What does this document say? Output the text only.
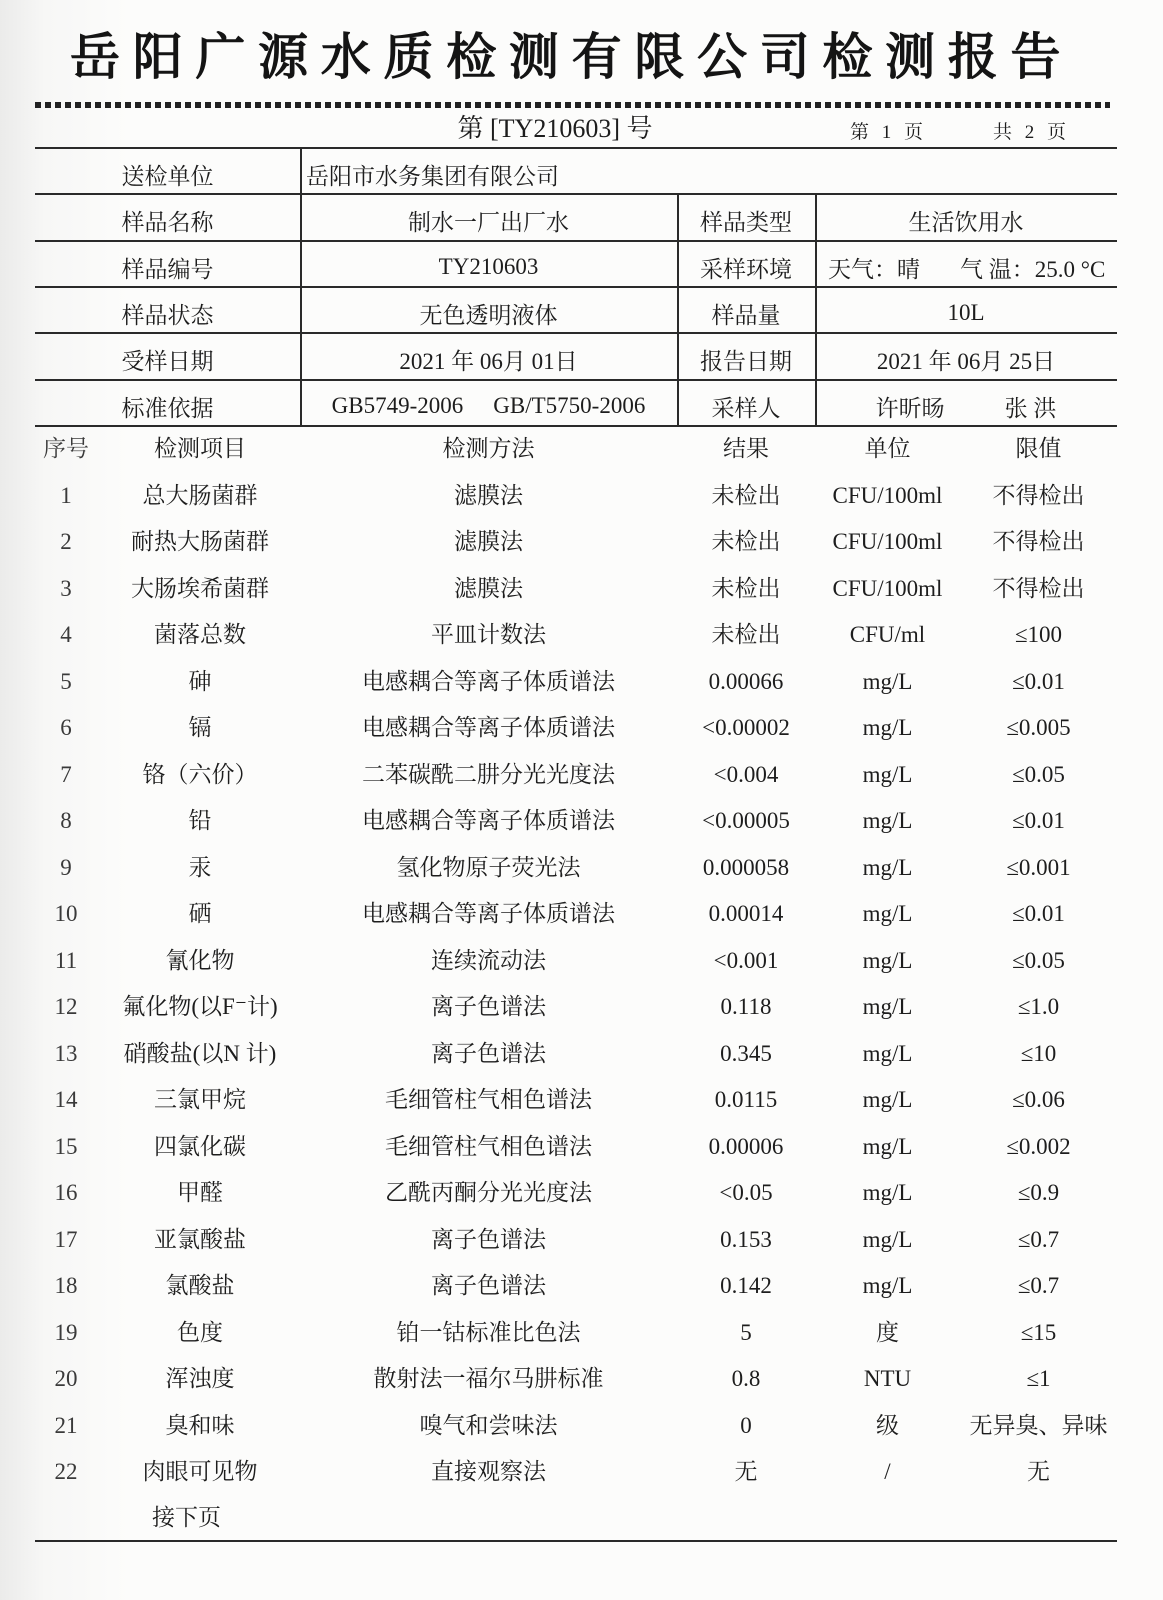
岳阳广源水质检测有限公司检测报告
第 [TY210603] 号	第 1 页	共 2 页
送检单位	岳阳市水务集团有限公司
样品名称	制水一厂出厂水	样品类型	生活饮用水
样品编号	TY210603	采样环境	天气：晴 气 温：25.0 °C
样品状态	无色透明液体	样品量	10L
受样日期	2021 年 06月 01日	报告日期	2021 年 06月 25日
标准依据	GB5749-2006 GB/T5750-2006	采样人	许昕旸	张 洪
序号	检测项目	检测方法	结果	单位	限值
1	总大肠菌群	滤膜法	未检出	CFU/100ml	不得检出
2	耐热大肠菌群	滤膜法	未检出	CFU/100ml	不得检出
3	大肠埃希菌群	滤膜法	未检出	CFU/100ml	不得检出
4	菌落总数	平皿计数法	未检出	CFU/ml	≤100
5	砷	电感耦合等离子体质谱法	0.00066	mg/L	≤0.01
6	镉	电感耦合等离子体质谱法	<0.00002	mg/L	≤0.005
7	铬（六价）	二苯碳酰二肼分光光度法	<0.004	mg/L	≤0.05
8	铅	电感耦合等离子体质谱法	<0.00005	mg/L	≤0.01
9	汞	氢化物原子荧光法	0.000058	mg/L	≤0.001
10	硒	电感耦合等离子体质谱法	0.00014	mg/L	≤0.01
11	氰化物	连续流动法	<0.001	mg/L	≤0.05
12	氟化物(以F⁻计)	离子色谱法	0.118	mg/L	≤1.0
13	硝酸盐(以N 计)	离子色谱法	0.345	mg/L	≤10
14	三氯甲烷	毛细管柱气相色谱法	0.0115	mg/L	≤0.06
15	四氯化碳	毛细管柱气相色谱法	0.00006	mg/L	≤0.002
16	甲醛	乙酰丙酮分光光度法	<0.05	mg/L	≤0.9
17	亚氯酸盐	离子色谱法	0.153	mg/L	≤0.7
18	氯酸盐	离子色谱法	0.142	mg/L	≤0.7
19	色度	铂一钴标准比色法	5	度	≤15
20	浑浊度	散射法一福尔马肼标准	0.8	NTU	≤1
21	臭和味	嗅气和尝味法	0	级	无异臭、异味
22	肉眼可见物	直接观察法	无	/	无
接下页
